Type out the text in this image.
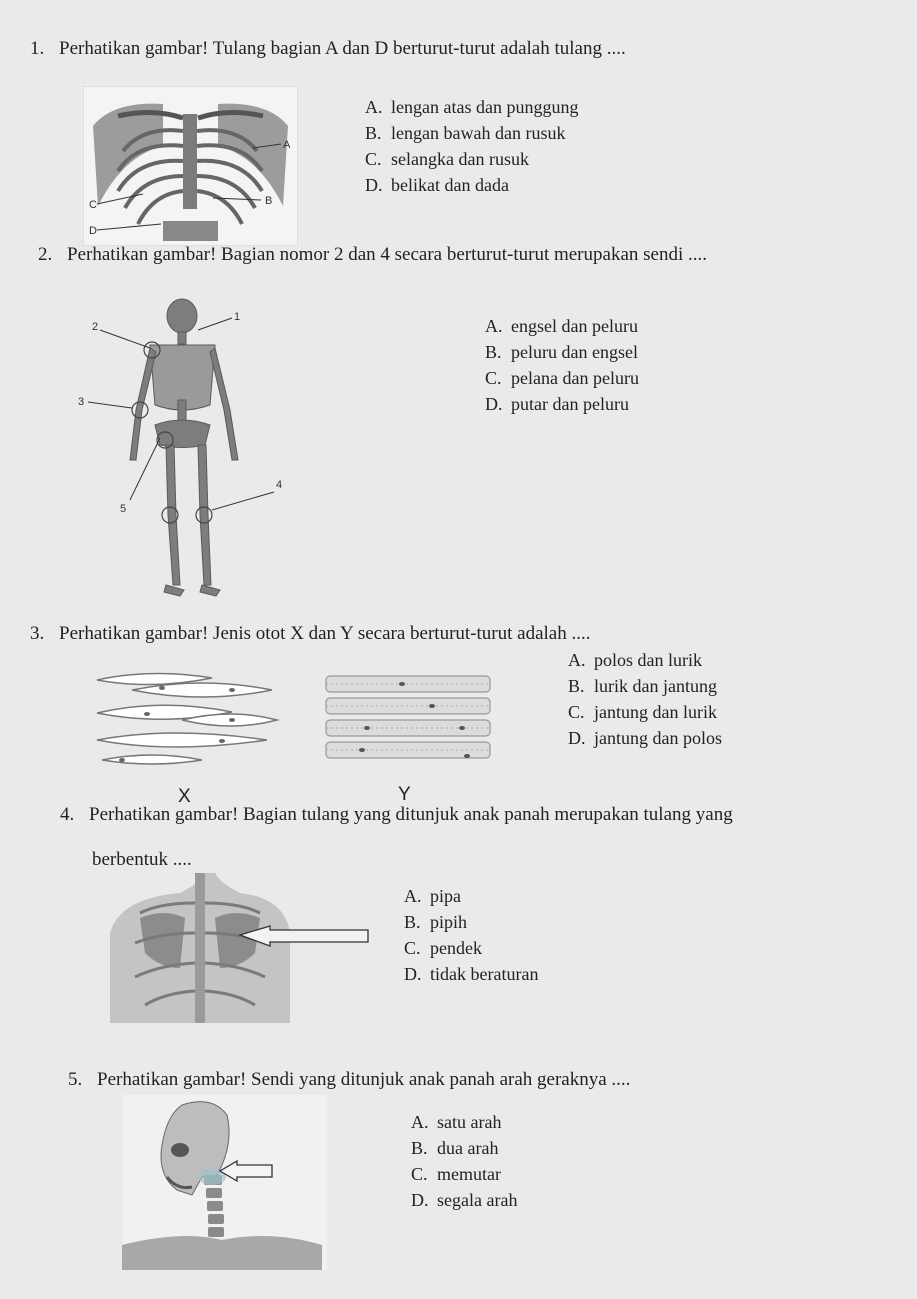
1. Perhatikan gambar! Tulang bagian A dan D berturut-turut adalah tulang ....
A
B
C
D
A. lengan atas dan punggung
B. lengan bawah dan rusuk
C. selangka dan rusuk
D. belikat dan dada
2. Perhatikan gambar! Bagian nomor 2 dan 4 secara berturut-turut merupakan sendi ....
2
1
3
4
5
A. engsel dan peluru
B. peluru dan engsel
C. pelana dan peluru
D. putar dan peluru
3. Perhatikan gambar! Jenis otot X dan Y secara berturut-turut adalah ....
X	Y
A. polos dan lurik
B. lurik dan jantung
C. jantung dan lurik
D. jantung dan polos
4. Perhatikan gambar! Bagian tulang yang ditunjuk anak panah merupakan tulang yang
berbentuk ....
A. pipa
B. pipih
C. pendek
D. tidak beraturan
5. Perhatikan gambar! Sendi yang ditunjuk anak panah arah geraknya ....
A. satu arah
B. dua arah
C. memutar
D. segala arah
